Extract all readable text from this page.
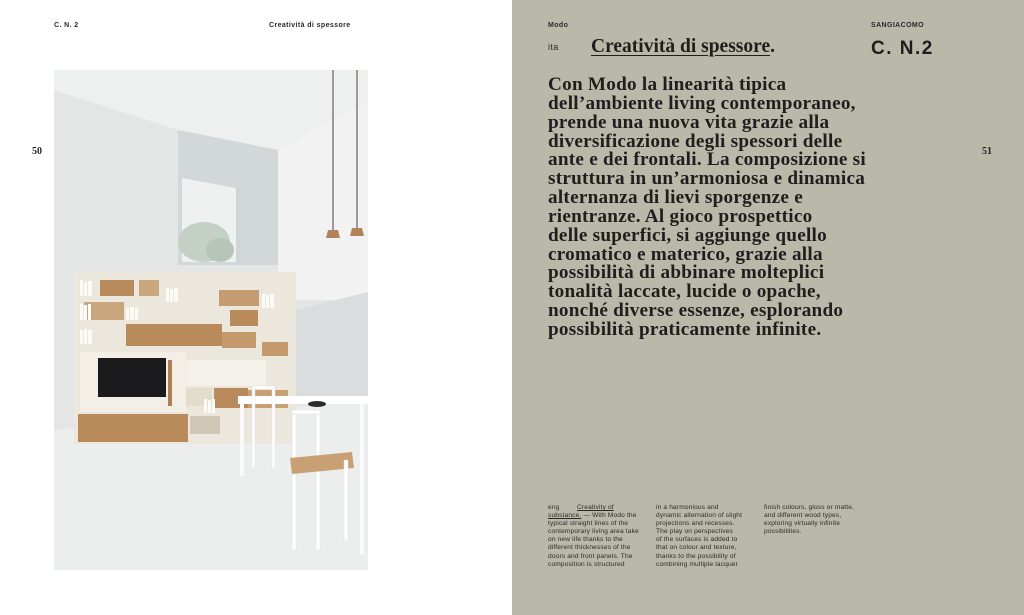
C. N. 2	Creatività di spessore
50
Modo	SANGIACOMO
ita Creatività di spessore.	C. N.2
51
Con Modo la linearità tipica
dell’ambiente living contemporaneo,
prende una nuova vita grazie alla
diversificazione degli spessori delle
ante e dei frontali. La composizione si
struttura in un’armoniosa e dinamica
alternanza di lievi sporgenze e
rientranze. Al gioco prospettico
delle superfici, si aggiunge quello
cromatico e materico, grazie alla
possibilità di abbinare molteplici
tonalità laccate, lucide o opache,
nonché diverse essenze, esplorando
possibilità praticamente infinite.
eng	Creativity of
substance. — With Modo the
typical straight lines of the
contemporary living area take
on new life thanks to the
different thicknesses of the
doors and front panels. The
composition is structured
in a harmonious and
dynamic alternation of slight
projections and recesses.
The play on perspectives
of the surfaces is added to
that on colour and texture,
thanks to the possibility of
combining multiple lacquer
finish colours, gloss or matte,
and different wood types,
exploring virtually infinite
possibilities.
